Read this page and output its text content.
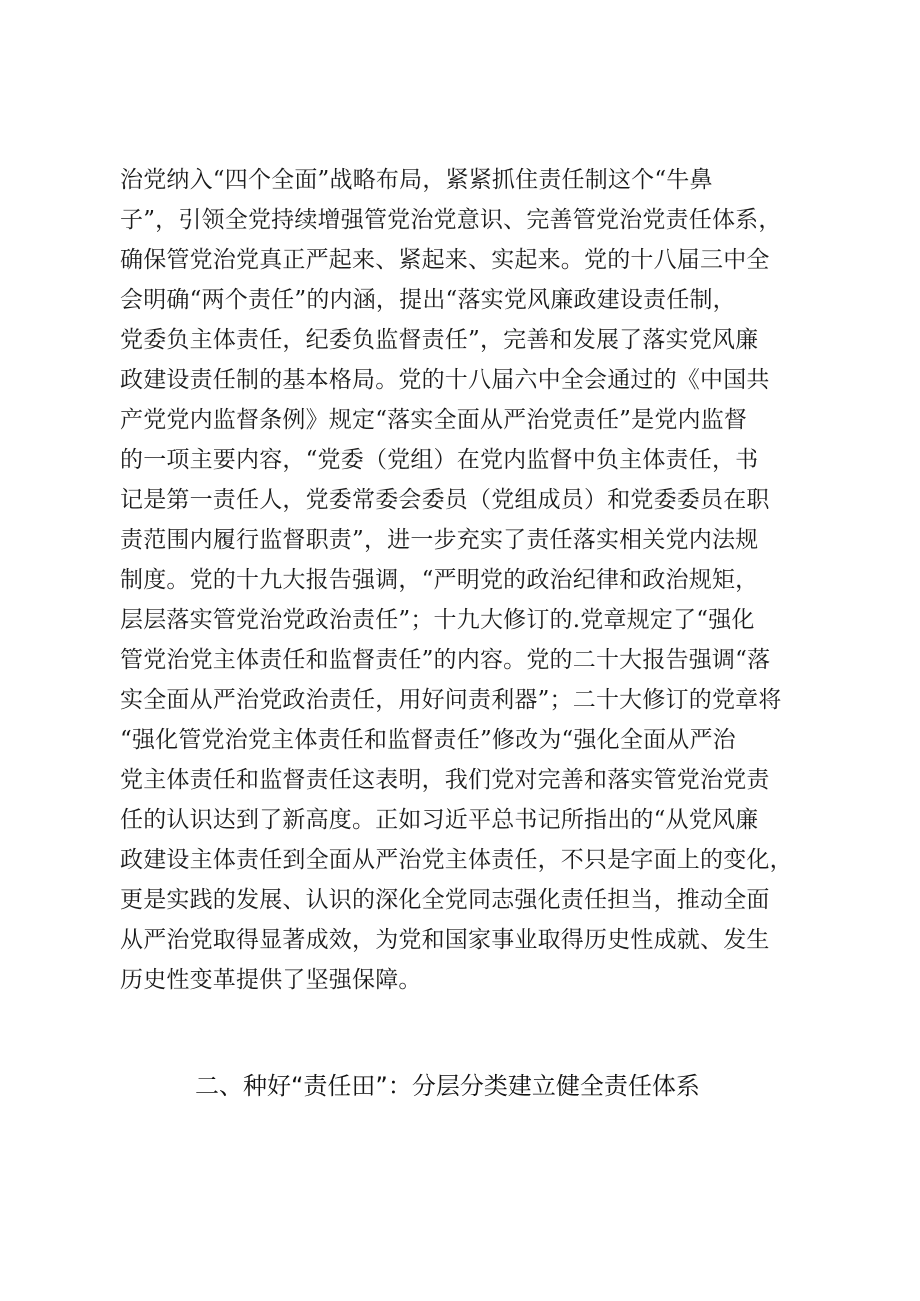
治党纳入“四个全面”战略布局，紧紧抓住责任制这个“牛鼻
子”，引领全党持续增强管党治党意识、完善管党治党责任体系，
确保管党治党真正严起来、紧起来、实起来。党的十八届三中全
会明确“两个责任”的内涵，提出“落实党风廉政建设责任制，
党委负主体责任，纪委负监督责任”，完善和发展了落实党风廉
政建设责任制的基本格局。党的十八届六中全会通过的《中国共
产党党内监督条例》规定“落实全面从严治党责任”是党内监督
的一项主要内容，“党委（党组）在党内监督中负主体责任，书
记是第一责任人，党委常委会委员（党组成员）和党委委员在职
责范围内履行监督职责”，进一步充实了责任落实相关党内法规
制度。党的十九大报告强调，“严明党的政治纪律和政治规矩，
层层落实管党治党政治责任”；十九大修订的.党章规定了“强化
管党治党主体责任和监督责任”的内容。党的二十大报告强调“落
实全面从严治党政治责任，用好问责利器”；二十大修订的党章将
“强化管党治党主体责任和监督责任”修改为“强化全面从严治
党主体责任和监督责任这表明，我们党对完善和落实管党治党责
任的认识达到了新高度。正如习近平总书记所指出的“从党风廉
政建设主体责任到全面从严治党主体责任，不只是字面上的变化，
更是实践的发展、认识的深化全党同志强化责任担当，推动全面
从严治党取得显著成效，为党和国家事业取得历史性成就、发生
历史性变革提供了坚强保障。
二、种好“责任田”：分层分类建立健全责任体系
